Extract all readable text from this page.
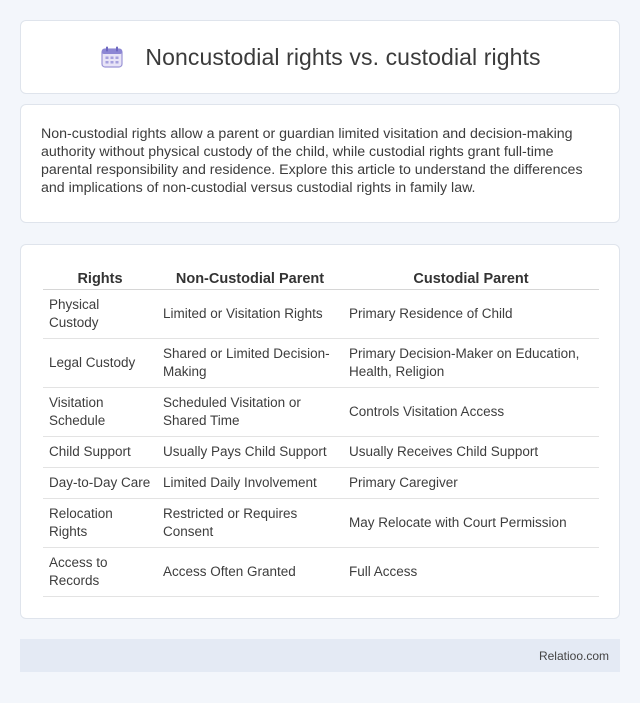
Noncustodial rights vs. custodial rights

Non-custodial rights allow a parent or guardian limited visitation and decision-making authority without physical custody of the child, while custodial rights grant full-time parental responsibility and residence. Explore this article to understand the differences and implications of non-custodial versus custodial rights in family law.

Rights	Non-Custodial Parent	Custodial Parent
Physical Custody	Limited or Visitation Rights	Primary Residence of Child
Legal Custody	Shared or Limited Decision-Making	Primary Decision-Maker on Education, Health, Religion
Visitation Schedule	Scheduled Visitation or Shared Time	Controls Visitation Access
Child Support	Usually Pays Child Support	Usually Receives Child Support
Day-to-Day Care	Limited Daily Involvement	Primary Caregiver
Relocation Rights	Restricted or Requires Consent	May Relocate with Court Permission
Access to Records	Access Often Granted	Full Access
Relatioo.com
